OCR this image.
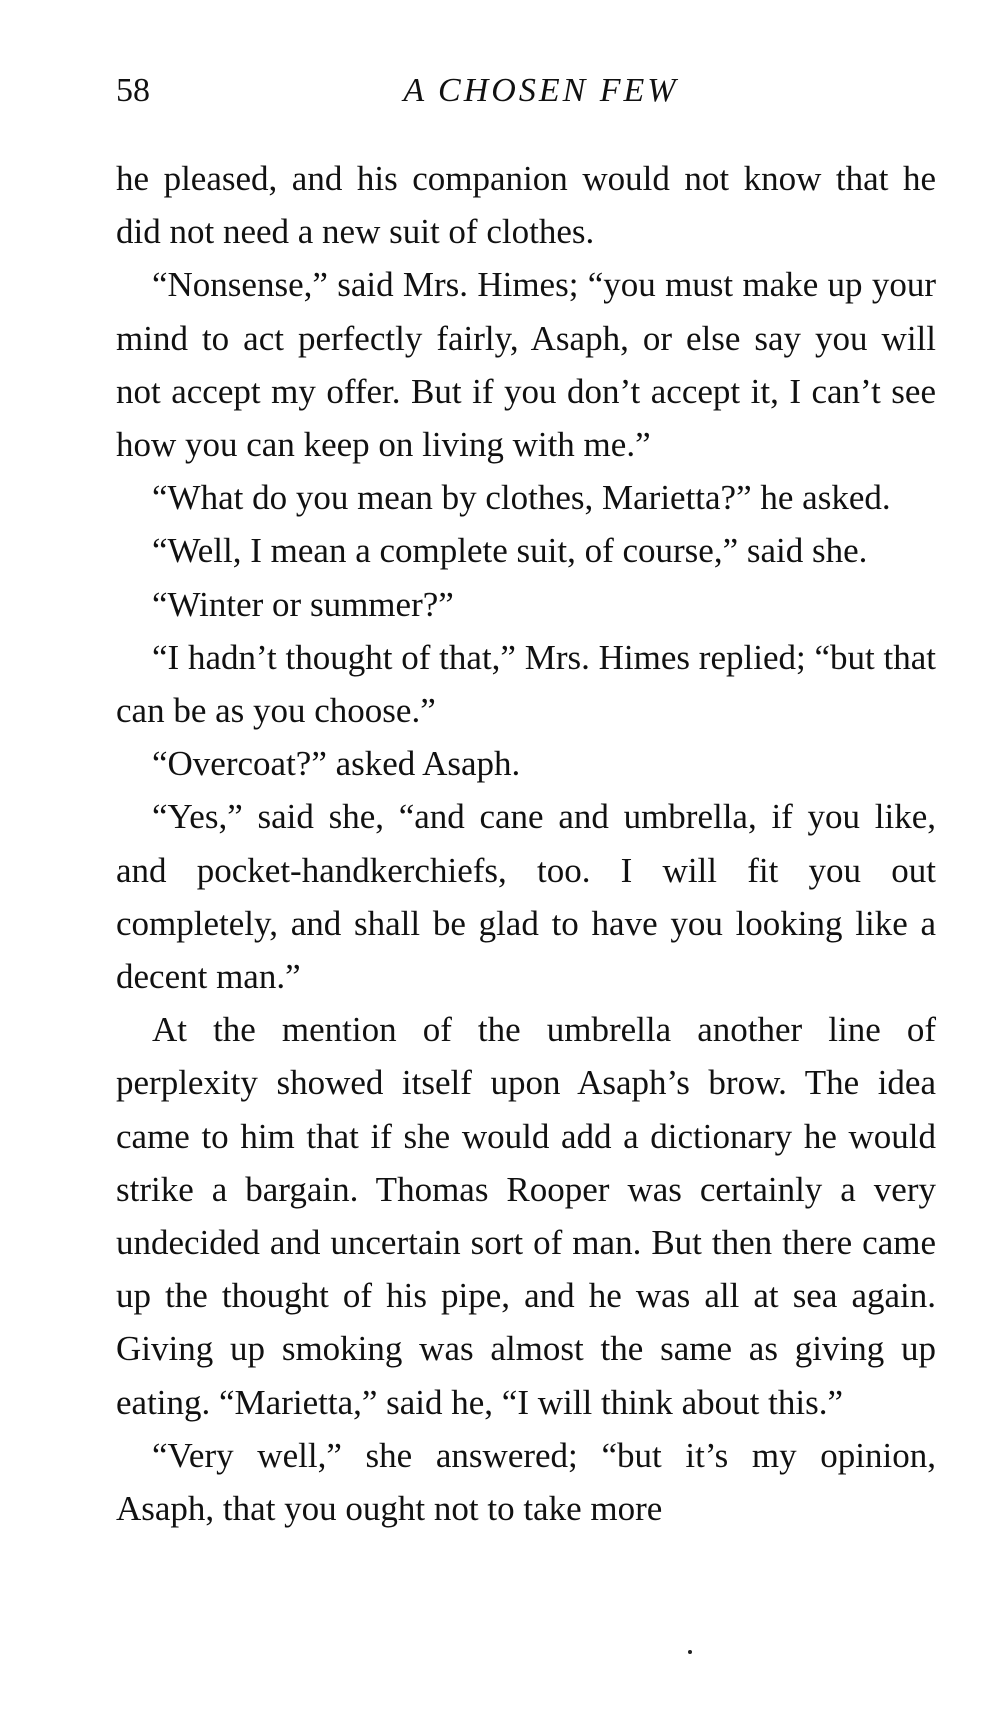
58	A CHOSEN FEW

he pleased, and his companion would not know that he did not need a new suit of clothes.

“Nonsense,” said Mrs. Himes; “you must make up your mind to act perfectly fairly, Asaph, or else say you will not accept my offer. But if you don’t accept it, I can’t see how you can keep on living with me.”

“What do you mean by clothes, Marietta?” he asked.

“Well, I mean a complete suit, of course,” said she.

“Winter or summer?”

“I hadn’t thought of that,” Mrs. Himes replied; “but that can be as you choose.”

“Overcoat?” asked Asaph.

“Yes,” said she, “and cane and umbrella, if you like, and pocket-handkerchiefs, too. I will fit you out completely, and shall be glad to have you looking like a decent man.”

At the mention of the umbrella another line of perplexity showed itself upon Asaph’s brow. The idea came to him that if she would add a dictionary he would strike a bargain. Thomas Rooper was certainly a very undecided and uncertain sort of man. But then there came up the thought of his pipe, and he was all at sea again. Giving up smoking was almost the same as giving up eating. “Marietta,” said he, “I will think about this.”

“Very well,” she answered; “but it’s my opinion, Asaph, that you ought not to take more
